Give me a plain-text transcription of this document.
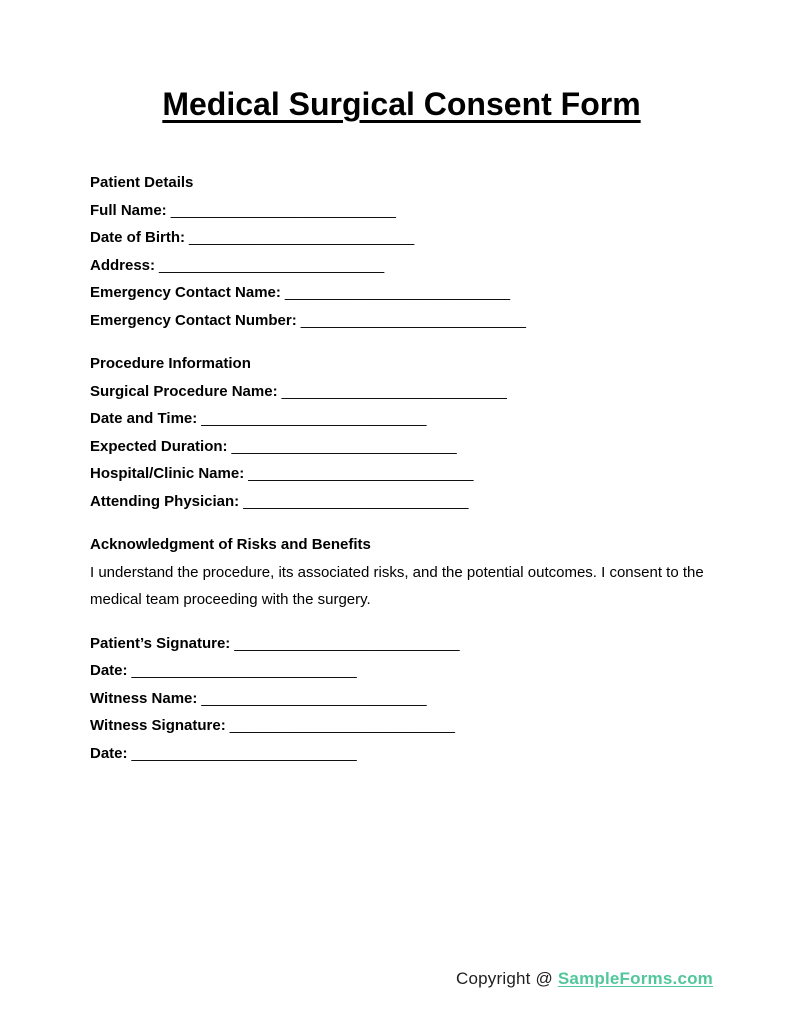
Medical Surgical Consent Form

Patient Details

Full Name: ___________________________

Date of Birth: ___________________________

Address: ___________________________

Emergency Contact Name: ___________________________

Emergency Contact Number: ___________________________

Procedure Information

Surgical Procedure Name: ___________________________

Date and Time: ___________________________

Expected Duration: ___________________________

Hospital/Clinic Name: ___________________________

Attending Physician: ___________________________

Acknowledgment of Risks and Benefits

I understand the procedure, its associated risks, and the potential outcomes. I consent to the medical team proceeding with the surgery.

Patient’s Signature: ___________________________

Date: ___________________________

Witness Name: ___________________________

Witness Signature: ___________________________

Date: ___________________________

Copyright @ SampleForms.com
